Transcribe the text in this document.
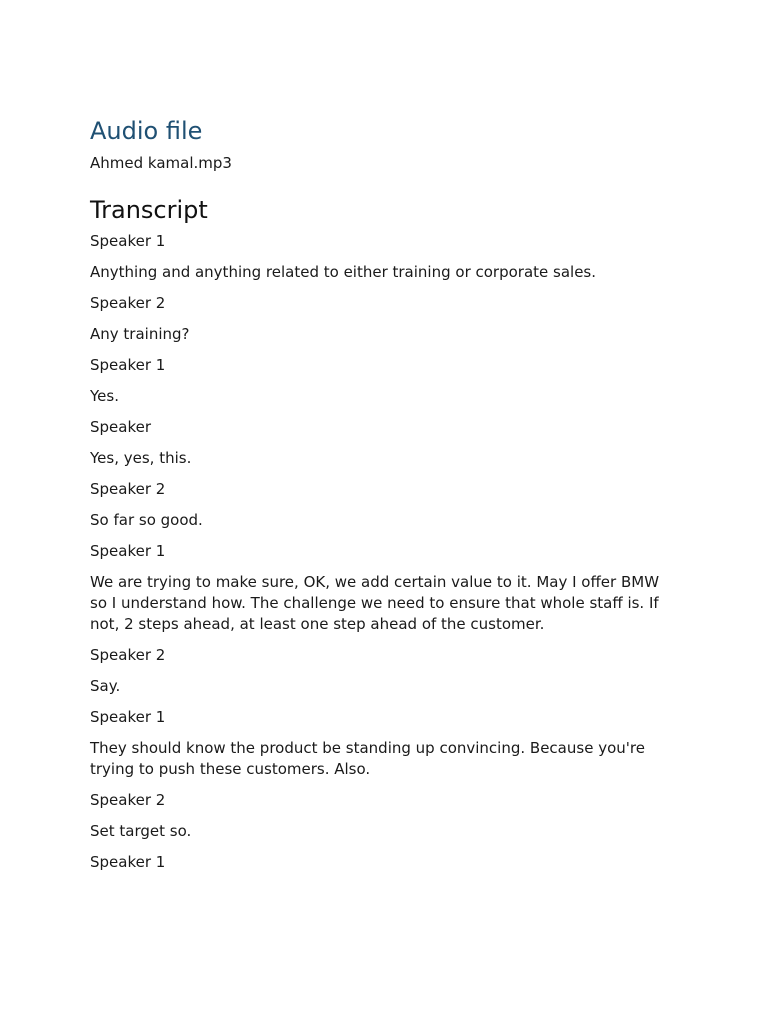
Audio file

Ahmed kamal.mp3

Transcript

Speaker 1

Anything and anything related to either training or corporate sales.

Speaker 2

Any training?

Speaker 1

Yes.

Speaker

Yes, yes, this.

Speaker 2

So far so good.

Speaker 1

We are trying to make sure, OK, we add certain value to it. May I offer BMW so I understand how. The challenge we need to ensure that whole staff is. If not, 2 steps ahead, at least one step ahead of the customer.

Speaker 2

Say.

Speaker 1

They should know the product be standing up convincing. Because you're trying to push these customers. Also.

Speaker 2

Set target so.

Speaker 1
